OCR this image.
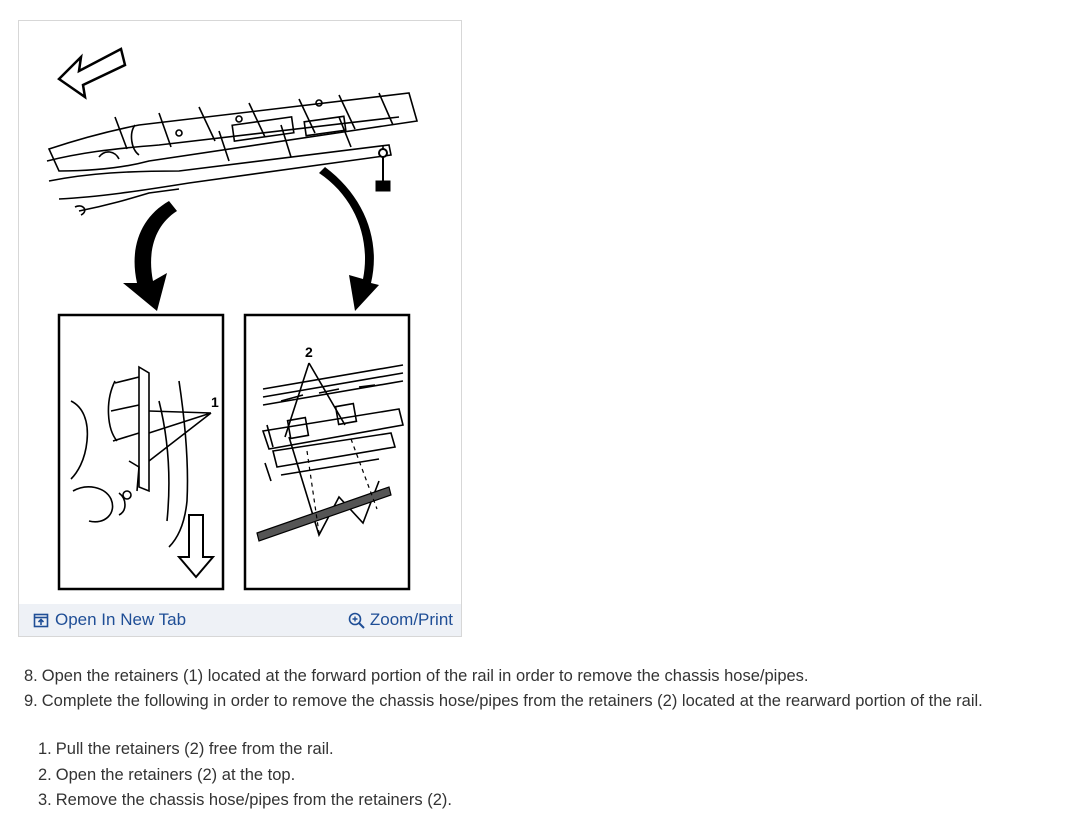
1
2
Open In New Tab	Zoom/Print
8. Open the retainers (1) located at the forward portion of the rail in order to remove the chassis hose/pipes.
9. Complete the following in order to remove the chassis hose/pipes from the retainers (2) located at the rearward portion of the rail.
1. Pull the retainers (2) free from the rail.
2. Open the retainers (2) at the top.
3. Remove the chassis hose/pipes from the retainers (2).
